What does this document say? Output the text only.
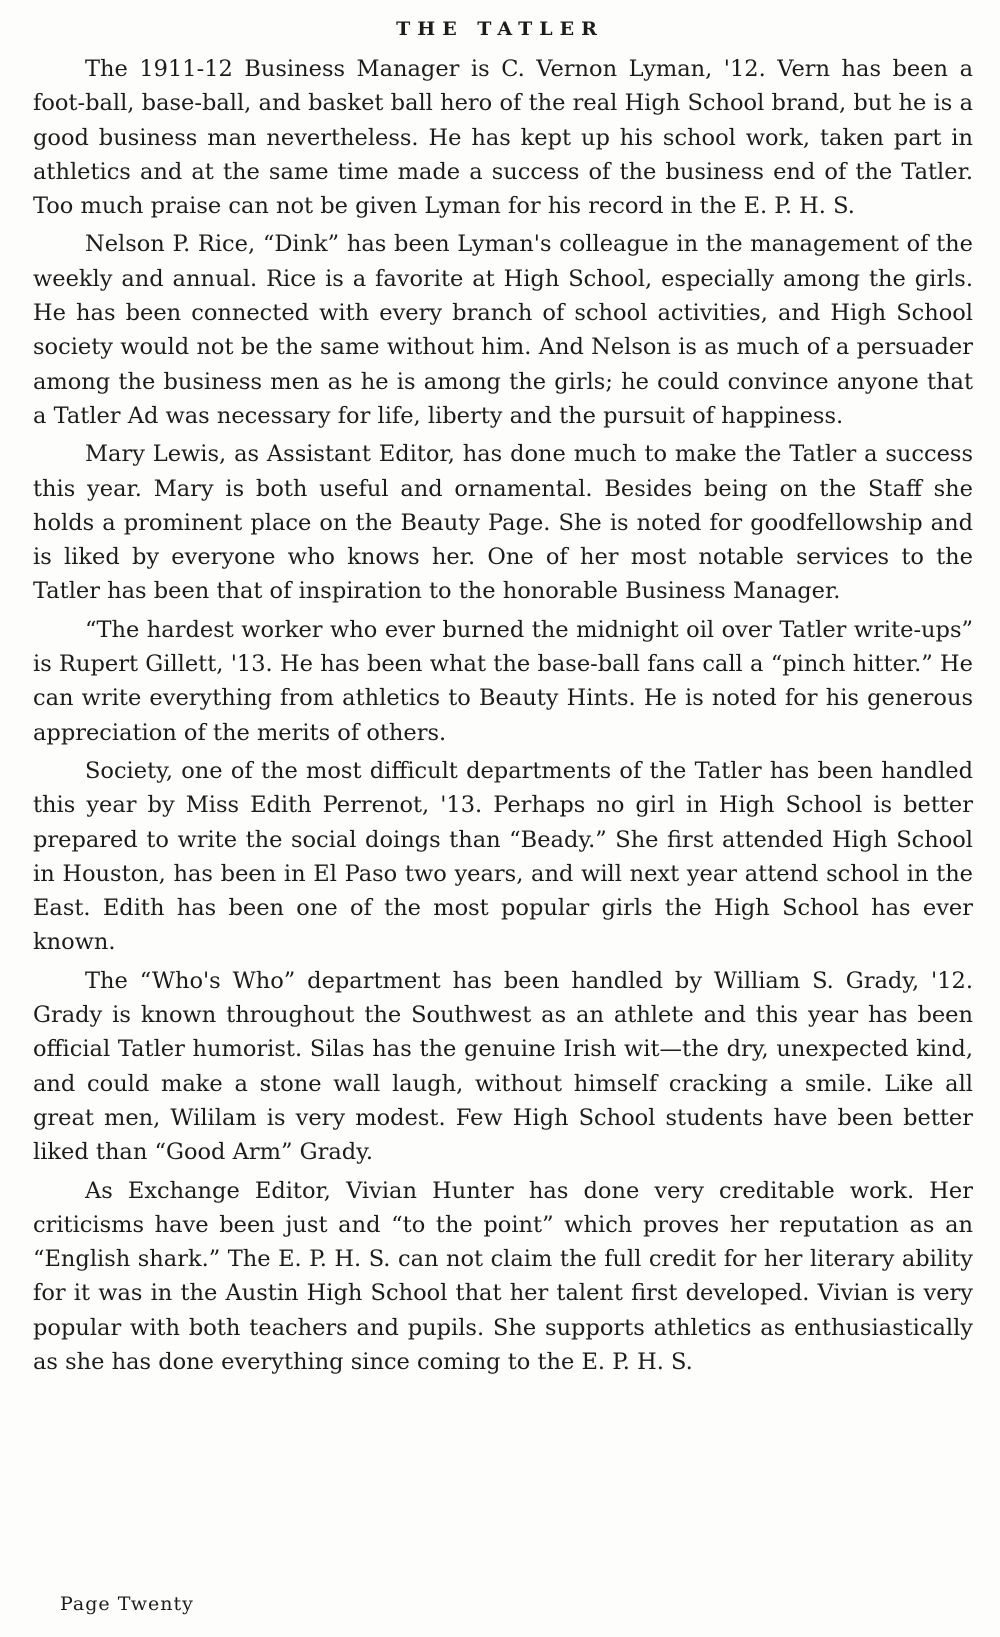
THE TATLER

The 1911-12 Business Manager is C. Vernon Lyman, '12. Vern has been a foot-ball, base-ball, and basket ball hero of the real High School brand, but he is a good business man nevertheless. He has kept up his school work, taken part in athletics and at the same time made a success of the business end of the Tatler. Too much praise can not be given Lyman for his record in the E. P. H. S.

Nelson P. Rice, “Dink” has been Lyman's colleague in the management of the weekly and annual. Rice is a favorite at High School, especially among the girls. He has been connected with every branch of school activities, and High School society would not be the same without him. And Nelson is as much of a persuader among the business men as he is among the girls; he could convince anyone that a Tatler Ad was necessary for life, liberty and the pursuit of happiness.

Mary Lewis, as Assistant Editor, has done much to make the Tatler a success this year. Mary is both useful and ornamental. Besides being on the Staff she holds a prominent place on the Beauty Page. She is noted for goodfellowship and is liked by everyone who knows her. One of her most notable services to the Tatler has been that of inspiration to the honorable Business Manager.

“The hardest worker who ever burned the midnight oil over Tatler write-ups” is Rupert Gillett, '13. He has been what the base-ball fans call a “pinch hitter.” He can write everything from athletics to Beauty Hints. He is noted for his generous appreciation of the merits of others.

Society, one of the most difficult departments of the Tatler has been handled this year by Miss Edith Perrenot, '13. Perhaps no girl in High School is better prepared to write the social doings than “Beady.” She first attended High School in Houston, has been in El Paso two years, and will next year attend school in the East. Edith has been one of the most popular girls the High School has ever known.

The “Who's Who” department has been handled by William S. Grady, '12. Grady is known throughout the Southwest as an athlete and this year has been official Tatler humorist. Silas has the genuine Irish wit—the dry, unexpected kind, and could make a stone wall laugh, without himself cracking a smile. Like all great men, Wililam is very modest. Few High School students have been better liked than “Good Arm” Grady.

As Exchange Editor, Vivian Hunter has done very creditable work. Her criticisms have been just and “to the point” which proves her reputation as an “English shark.” The E. P. H. S. can not claim the full credit for her literary ability for it was in the Austin High School that her talent first developed. Vivian is very popular with both teachers and pupils. She supports athletics as enthusiastically as she has done everything since coming to the E. P. H. S.

Page Twenty
